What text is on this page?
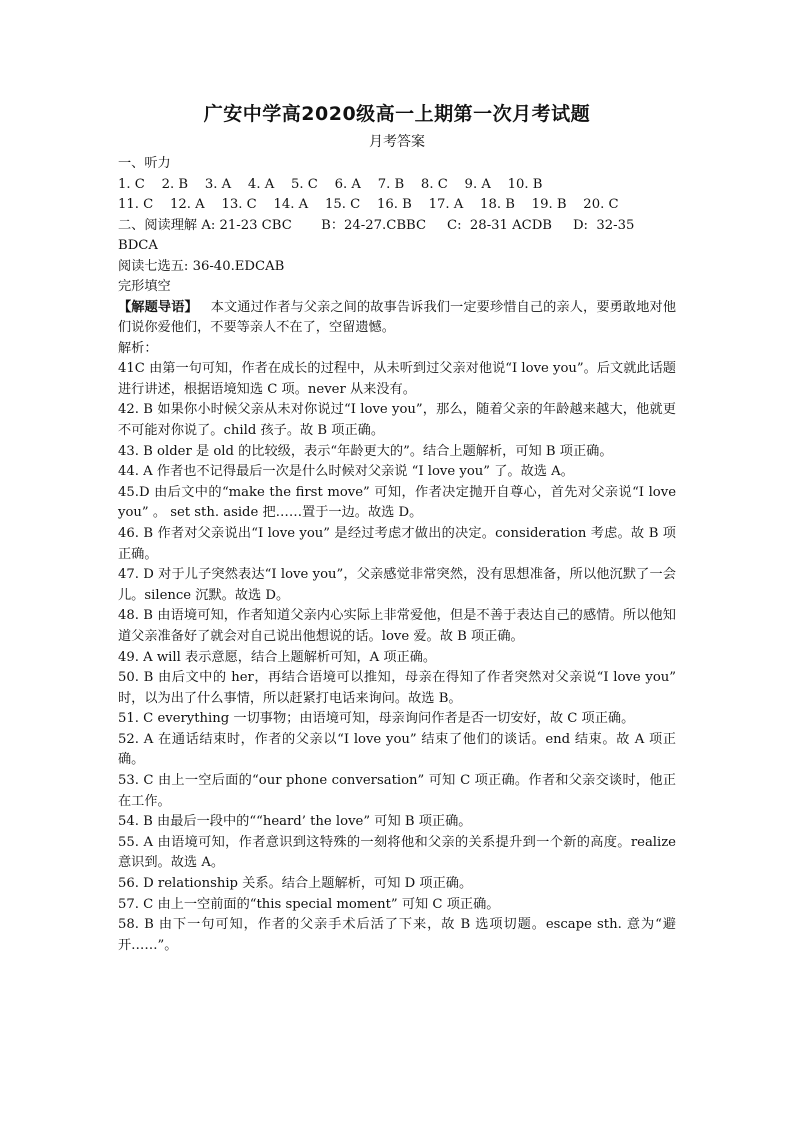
广安中学高2020级高一上期第一次月考试题
月考答案
一、听力
1. C    2. B    3. A    4. A    5. C    6. A    7. B    8. C    9. A    10. B
11. C    12. A    13. C    14. A    15. C    16. B    17. A    18. B    19. B    20. C
二、阅读理解 A: 21-23 CBC       B：24-27.CBBC     C:  28-31 ACDB     D:  32-35
BDCA
阅读七选五: 36-40.EDCAB
完形填空
【解题导语】   本文通过作者与父亲之间的故事告诉我们一定要珍惜自己的亲人，要勇敢地对他们说你爱他们，不要等亲人不在了，空留遗憾。
解析：
41C 由第一句可知，作者在成长的过程中，从未听到过父亲对他说“I love you”。后文就此话题进行讲述，根据语境知选 C 项。never 从来没有。
42. B 如果你小时候父亲从未对你说过“I love you”，那么，随着父亲的年龄越来越大，他就更不可能对你说了。child 孩子。故 B 项正确。
43. B older 是 old 的比较级，表示“年龄更大的”。结合上题解析，可知 B 项正确。
44. A 作者也不记得最后一次是什么时候对父亲说 “I love you” 了。故选 A。
45.D 由后文中的“make the first move” 可知，作者决定抛开自尊心，首先对父亲说“I love you” 。 set sth. aside 把……置于一边。故选 D。
46. B 作者对父亲说出“I love you” 是经过考虑才做出的决定。consideration 考虑。故 B 项正确。
47. D 对于儿子突然表达“I love you”，父亲感觉非常突然，没有思想准备，所以他沉默了一会儿。silence 沉默。故选 D。
48. B 由语境可知，作者知道父亲内心实际上非常爱他，但是不善于表达自己的感情。所以他知道父亲准备好了就会对自己说出他想说的话。love 爱。故 B 项正确。
49. A will 表示意愿，结合上题解析可知，A 项正确。
50. B 由后文中的 her，再结合语境可以推知，母亲在得知了作者突然对父亲说“I love you” 时，以为出了什么事情，所以赶紧打电话来询问。故选 B。
51. C everything 一切事物；由语境可知，母亲询问作者是否一切安好，故 C 项正确。
52. A 在通话结束时，作者的父亲以“I love you” 结束了他们的谈话。end 结束。故 A 项正确。
53. C 由上一空后面的“our phone conversation” 可知 C 项正确。作者和父亲交谈时，他正在工作。
54. B 由最后一段中的““heard’ the love” 可知 B 项正确。
55. A 由语境可知，作者意识到这特殊的一刻将他和父亲的关系提升到一个新的高度。realize 意识到。故选 A。
56. D relationship 关系。结合上题解析，可知 D 项正确。
57. C 由上一空前面的“this special moment” 可知 C 项正确。
58. B 由下一句可知，作者的父亲手术后活了下来，故 B 选项切题。escape sth. 意为“避开……”。
